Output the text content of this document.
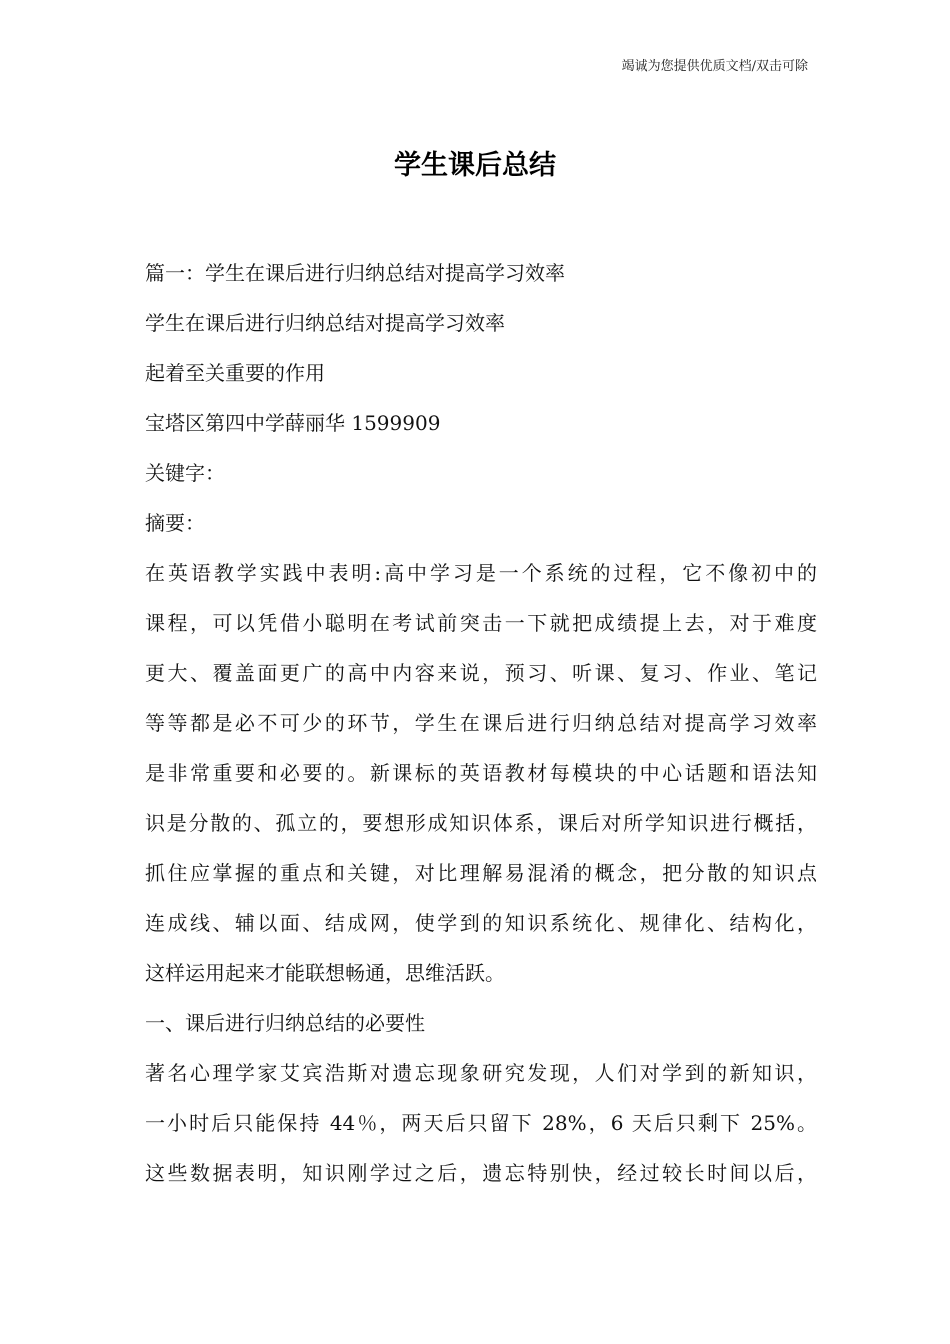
竭诚为您提供优质文档/双击可除
学生课后总结
篇一：学生在课后进行归纳总结对提高学习效率
学生在课后进行归纳总结对提高学习效率
起着至关重要的作用
宝塔区第四中学薛丽华 1599909
关键字：
摘要：
在英语教学实践中表明:高中学习是一个系统的过程，它不像初中的
课程，可以凭借小聪明在考试前突击一下就把成绩提上去，对于难度
更大、覆盖面更广的高中内容来说，预习、听课、复习、作业、笔记
等等都是必不可少的环节，学生在课后进行归纳总结对提高学习效率
是非常重要和必要的。新课标的英语教材每模块的中心话题和语法知
识是分散的、孤立的，要想形成知识体系，课后对所学知识进行概括，
抓住应掌握的重点和关键，对比理解易混淆的概念，把分散的知识点
连成线、辅以面、结成网，使学到的知识系统化、规律化、结构化，
这样运用起来才能联想畅通，思维活跃。
一、课后进行归纳总结的必要性
著名心理学家艾宾浩斯对遗忘现象研究发现，人们对学到的新知识，
一小时后只能保持 44％，两天后只留下 28%，6 天后只剩下 25%。
这些数据表明，知识刚学过之后，遗忘特别快，经过较长时间以后，
